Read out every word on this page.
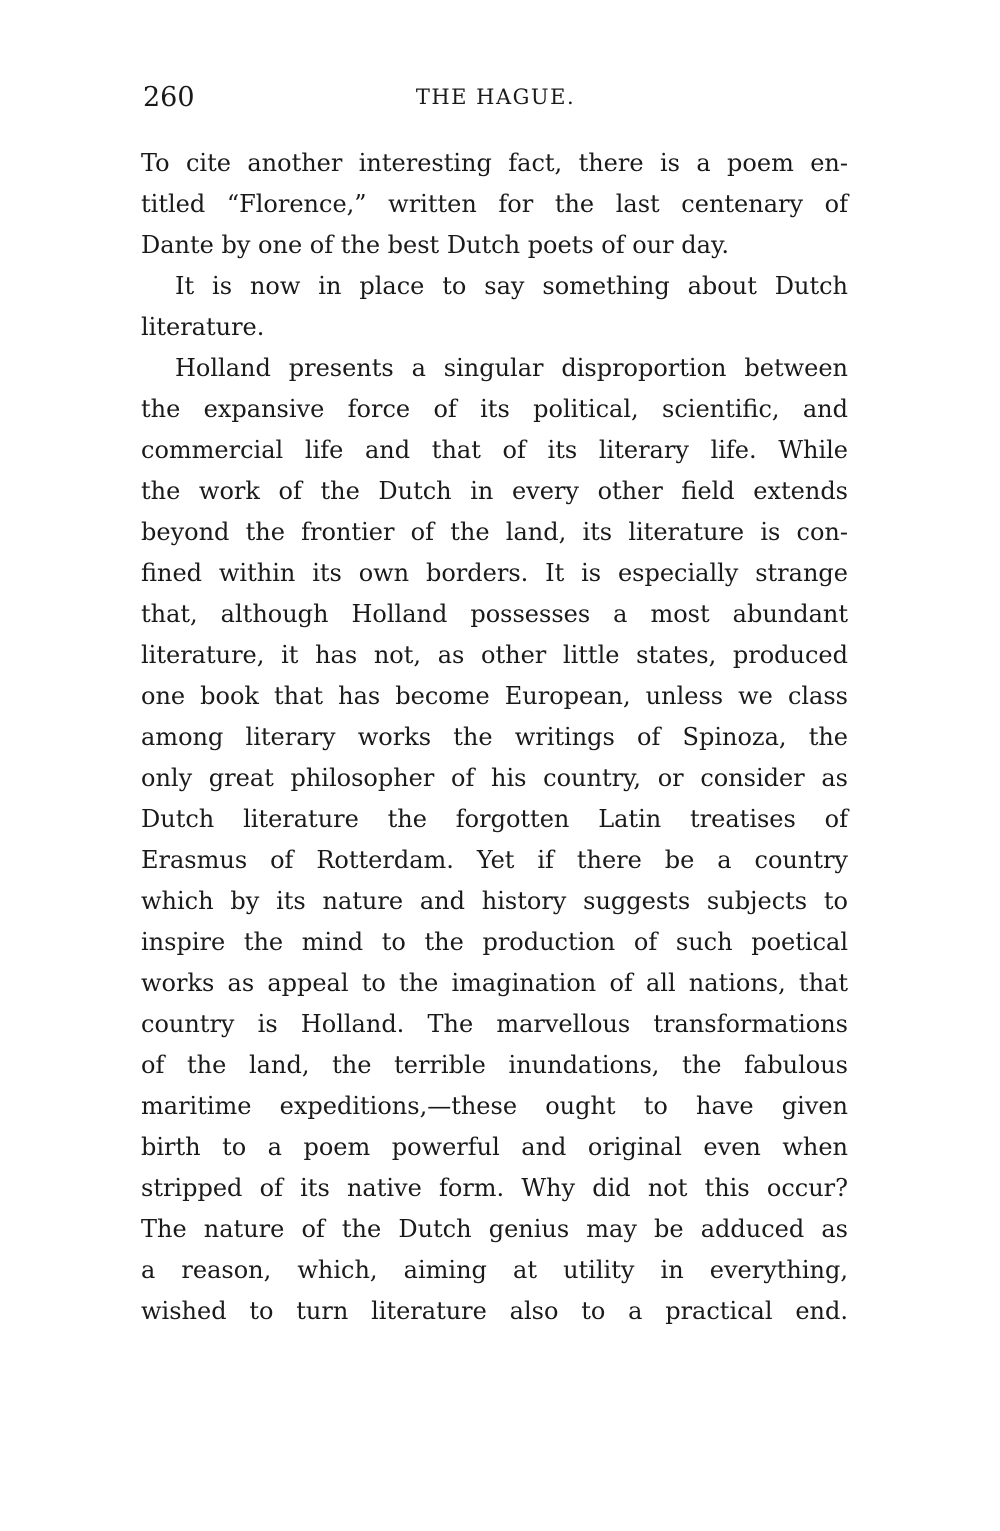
260	THE HAGUE.
To cite another interesting fact, there is a poem en-
titled “Florence,” written for the last centenary of
Dante by one of the best Dutch poets of our day.
It is now in place to say something about Dutch
literature.
Holland presents a singular disproportion between
the expansive force of its political, scientific, and
commercial life and that of its literary life. While
the work of the Dutch in every other field extends
beyond the frontier of the land, its literature is con-
fined within its own borders. It is especially strange
that, although Holland possesses a most abundant
literature, it has not, as other little states, produced
one book that has become European, unless we class
among literary works the writings of Spinoza, the
only great philosopher of his country, or consider as
Dutch literature the forgotten Latin treatises of
Erasmus of Rotterdam. Yet if there be a country
which by its nature and history suggests subjects to
inspire the mind to the production of such poetical
works as appeal to the imagination of all nations, that
country is Holland. The marvellous transformations
of the land, the terrible inundations, the fabulous
maritime expeditions,—these ought to have given
birth to a poem powerful and original even when
stripped of its native form. Why did not this occur?
The nature of the Dutch genius may be adduced as
a reason, which, aiming at utility in everything,
wished to turn literature also to a practical end.
